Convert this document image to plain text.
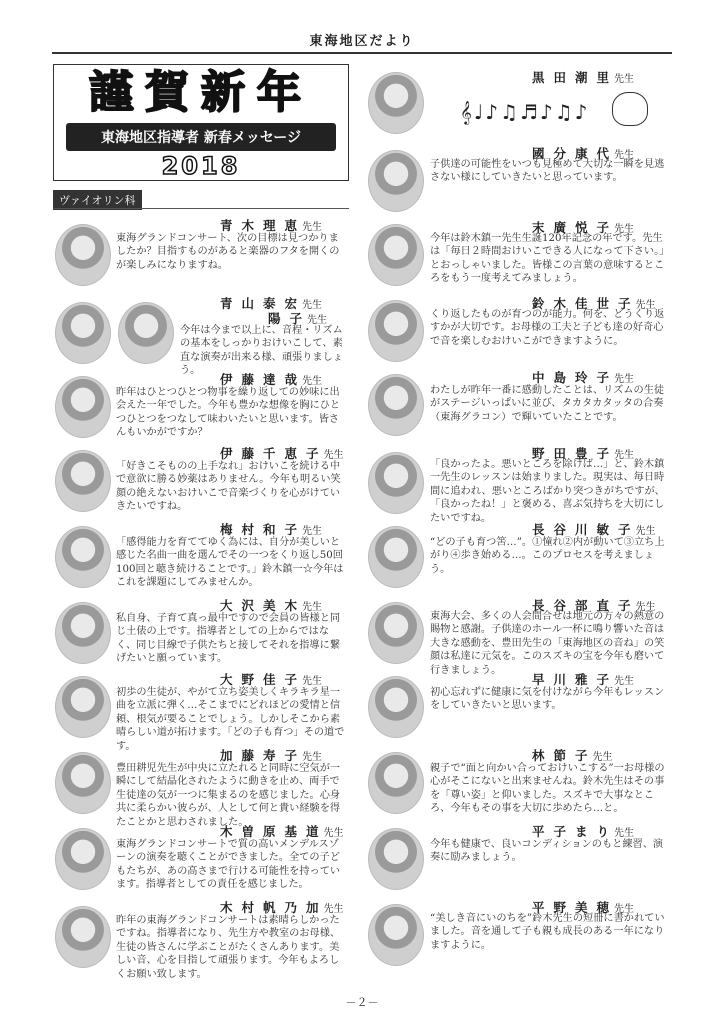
東海地区だより
謹賀新年
東海地区指導者 新春メッセージ
2018
ヴァイオリン科
𝄞♩♪♫♬♪♫♪
青木理恵先生
東海グランドコンサート、次の目標は見つかりましたか？目指すものがあると楽器のフタを開くのが楽しみになりますね。
青山泰宏先生
陽子先生
今年は今まで以上に、音程・リズムの基本をしっかりおけいこして、素直な演奏が出来る様、頑張りましょう。
伊藤達哉先生
昨年はひとつひとつ物事を繰り返しての妙味に出会えた一年でした。今年も豊かな想像を胸にひとつひとつをつなして味わいたいと思います。皆さんもいかがですか？
伊藤千恵子先生
「好きこそものの上手なれ」おけいこを続ける中で意欲に勝る妙薬はありません。今年も明るい笑顔の絶えないおけいこで音楽づくりを心がけていきたいですね。
梅村和子先生
「感得能力を育ててゆく為には、自分が美しいと感じた名曲一曲を選んでその一つをくり返し50回100回と聴き続けることです。」鈴木鎮一☆今年はこれを課題にしてみませんか。
大沢美木先生
私自身、子育て真っ最中ですので会員の皆様と同じ土俵の上です。指導者としての上からではなく、同じ目線で子供たちと接してそれを指導に繋げたいと願っています。
大野佳子先生
初歩の生徒が、やがて立ち姿美しくキラキラ星一曲を立派に弾く…そこまでにどれほどの愛情と信頼、根気が要ることでしょう。しかしそこから素晴らしい道が拓けます。「どの子も育つ」その道です。
加藤寿子先生
豊田耕児先生が中央に立たれると同時に空気が一瞬にして結晶化されたように動きを止め、両手で生徒達の気が一つに集まるのを感じました。心身共に柔らかい彼らが、人として何と貴い経験を得たことかと思わされました。
木曽原基道先生
東海グランドコンサートで質の高いメンデルスゾーンの演奏を聴くことができました。全ての子どもたちが、あの高さまで行ける可能性を持っています。指導者としての責任を感じました。
木村帆乃加先生
昨年の東海グランドコンサートは素晴らしかったですね。指導者になり、先生方や教室のお母様、生徒の皆さんに学ぶことがたくさんあります。美しい音、心を目指して頑張ります。今年もよろしくお願い致します。
黒田潮里先生
國分康代先生
子供達の可能性をいつも見極めて大切な一瞬を見逃さない様にしていきたいと思っています。
末廣悦子先生
今年は鈴木鎮一先生生誕120年記念の年です。先生は「毎日２時間おけいこできる人になって下さい。」とおっしゃいました。皆様この言葉の意味するところをもう一度考えてみましょう。
鈴木佳世子先生
くり返したものが育つのが能力。何を、どうくり返すかが大切です。お母様の工夫と子ども達の好奇心で音を楽しむおけいこができますように。
中島玲子先生
わたしが昨年一番に感動したことは、リズムの生徒がステージいっぱいに並び、タカタカタッタの合奏（東海グラコン）で輝いていたことです。
野田豊子先生
「良かったよ。悪いところを除けば…」と、鈴木鎮一先生のレッスンは始まりました。現実は、毎日時間に追われ、悪いところばかり突つきがちですが、「良かったね！」と褒める、喜ぶ気持ちを大切にしたいですね。
長谷川敏子先生
“どの子も育つ筈…”。①憧れ②内が動いて③立ち上がり④歩き始める…。このプロセスを考えましょう。
長谷部直子先生
東海大会、多くの人会間合せは地元の方々の熱意の賜物と感謝。子供達のホール一杯に鳴り響いた音は大きな感動を、豊田先生の「東海地区の音ね」の笑顔は私達に元気を。このスズキの宝を今年も磨いて行きましょう。
早川雅子先生
初心忘れずに健康に気を付けながら今年もレッスンをしていきたいと思います。
林節子先生
親子で“面と向かい合っておけいこする”一お母様の心がそこにないと出来ませんね。鈴木先生はその事を「尊い姿」と仰いました。スズキで大事なところ、今年もその事を大切に歩めたら…と。
平子まり先生
今年も健康で、良いコンディションのもと練習、演奏に励みましょう。
平野美穂先生
“美しき音にいのちを”鈴木先生の短冊に書かれていました。音を通して子も親も成長のある一年になりますように。
－２－
